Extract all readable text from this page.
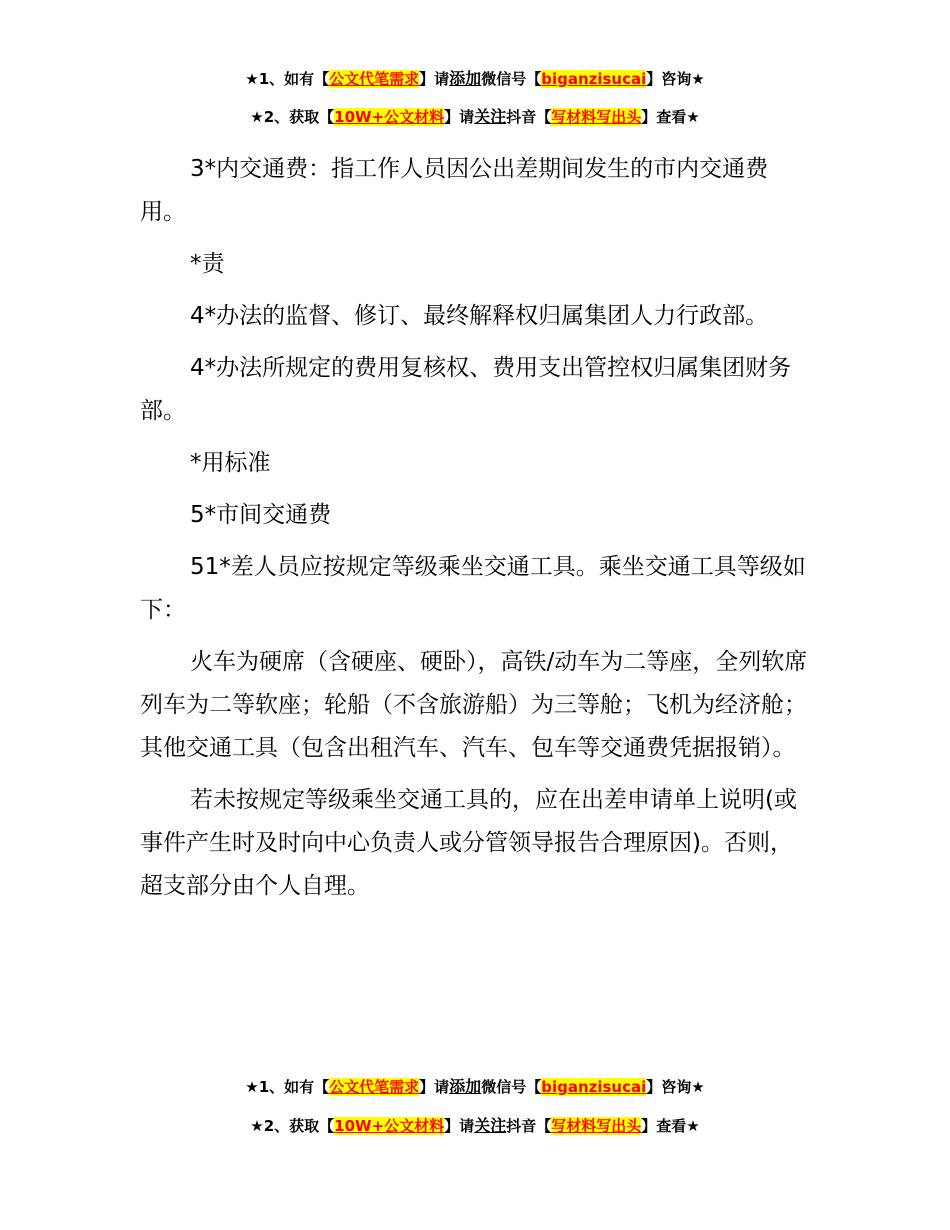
★1、如有【公文代笔需求】请添加微信号【biganzisucai】咨询★
★2、获取【10W+公文材料】请关注抖音【写材料写出头】查看★

3*内交通费：指工作人员因公出差期间发生的市内交通费用。

*责

4*办法的监督、修订、最终解释权归属集团人力行政部。

4*办法所规定的费用复核权、费用支出管控权归属集团财务部。

*用标准

5*市间交通费

51*差人员应按规定等级乘坐交通工具。乘坐交通工具等级如下：

火车为硬席（含硬座、硬卧），高铁/动车为二等座，全列软席列车为二等软座；轮船（不含旅游船）为三等舱；飞机为经济舱；其他交通工具（包含出租汽车、汽车、包车等交通费凭据报销）。

若未按规定等级乘坐交通工具的，应在出差申请单上说明(或事件产生时及时向中心负责人或分管领导报告合理原因)。否则，超支部分由个人自理。

★1、如有【公文代笔需求】请添加微信号【biganzisucai】咨询★
★2、获取【10W+公文材料】请关注抖音【写材料写出头】查看★
